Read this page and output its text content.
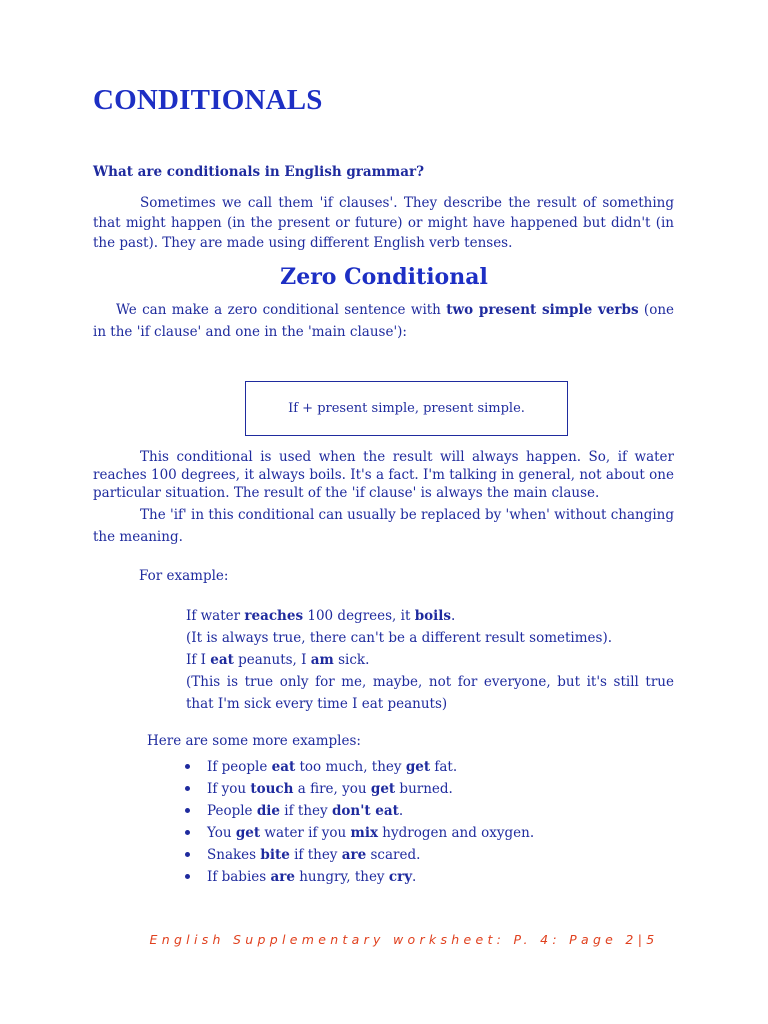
CONDITIONALS
What are conditionals in English grammar?
Sometimes we call them 'if clauses'. They describe the result of something that might happen (in the present or future) or might have happened but didn't (in the past). They are made using different English verb tenses.
Zero Conditional
We can make a zero conditional sentence with two present simple verbs (one in the 'if clause' and one in the 'main clause'):
If + present simple, present simple.
This conditional is used when the result will always happen. So, if water reaches 100 degrees, it always boils. It's a fact. I'm talking in general, not about one particular situation. The result of the 'if clause' is always the main clause.
The 'if' in this conditional can usually be replaced by 'when' without changing the meaning.
For example:
If water reaches 100 degrees, it boils.
(It is always true, there can't be a different result sometimes).
If I eat peanuts, I am sick.
(This is true only for me, maybe, not for everyone, but it's still true that I'm sick every time I eat peanuts)
Here are some more examples:
If people eat too much, they get fat.
If you touch a fire, you get burned.
People die if they don't eat.
You get water if you mix hydrogen and oxygen.
Snakes bite if they are scared.
If babies are hungry, they cry.
English Supplementary worksheet: P. 4: Page 2|5
